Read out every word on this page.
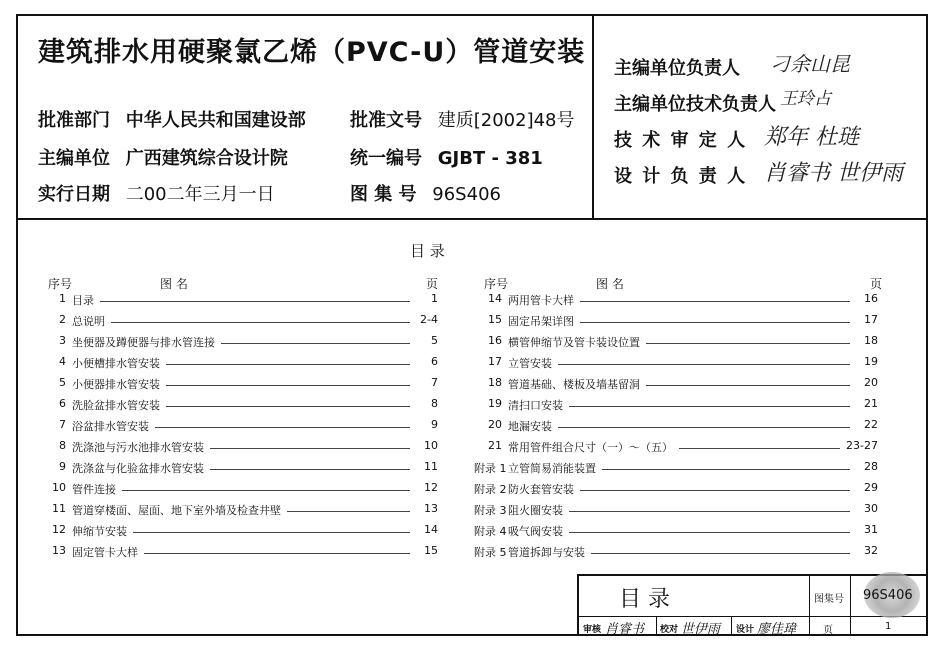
建筑排水用硬聚氯乙烯（PVC-U）管道安装
批准部门 中华人民共和国建设部 批准文号 建质[2002]48号
主编单位 广西建筑综合设计院	统一编号 GJBT - 381
实行日期 二00二年三月一日	图 集 号 96S406
主编单位负责人 刁余山昆
主编单位技术负责人 王玲占
技 术 审 定 人 郑年 杜琏
设 计 负 责 人 肖睿书 世伊雨
目 录
序号	图 名	页	序号	图 名	页
1 目录	1
2 总说明	2-4
3 坐便器及蹲便器与排水管连接	5
4 小便槽排水管安装	6
5 小便器排水管安装	7
6 洗脸盆排水管安装	8
7 浴盆排水管安装	9
8 洗涤池与污水池排水管安装	10
9 洗涤盆与化验盆排水管安装	11
10 管件连接	12
11 管道穿楼面、屋面、地下室外墙及检查井壁	13
12 伸缩节安装	14
13 固定管卡大样	15
14 两用管卡大样	16
15 固定吊架详图	17
16 横管伸缩节及管卡装设位置	18
17 立管安装	19
18 管道基础、楼板及墙基留洞	20
19 清扫口安装	21
20 地漏安装	22
21 常用管件组合尺寸（一）～（五）	23-27
附录 1 立管简易消能装置	28
附录 2 防火套管安装	29
附录 3 阻火圈安装	30
附录 4 吸气阀安装	31
附录 5 管道拆卸与安装	32
目 录	图集号 96S406
审核 肖睿书 校对 世伊雨 设计 廖佳瑋	页	1
